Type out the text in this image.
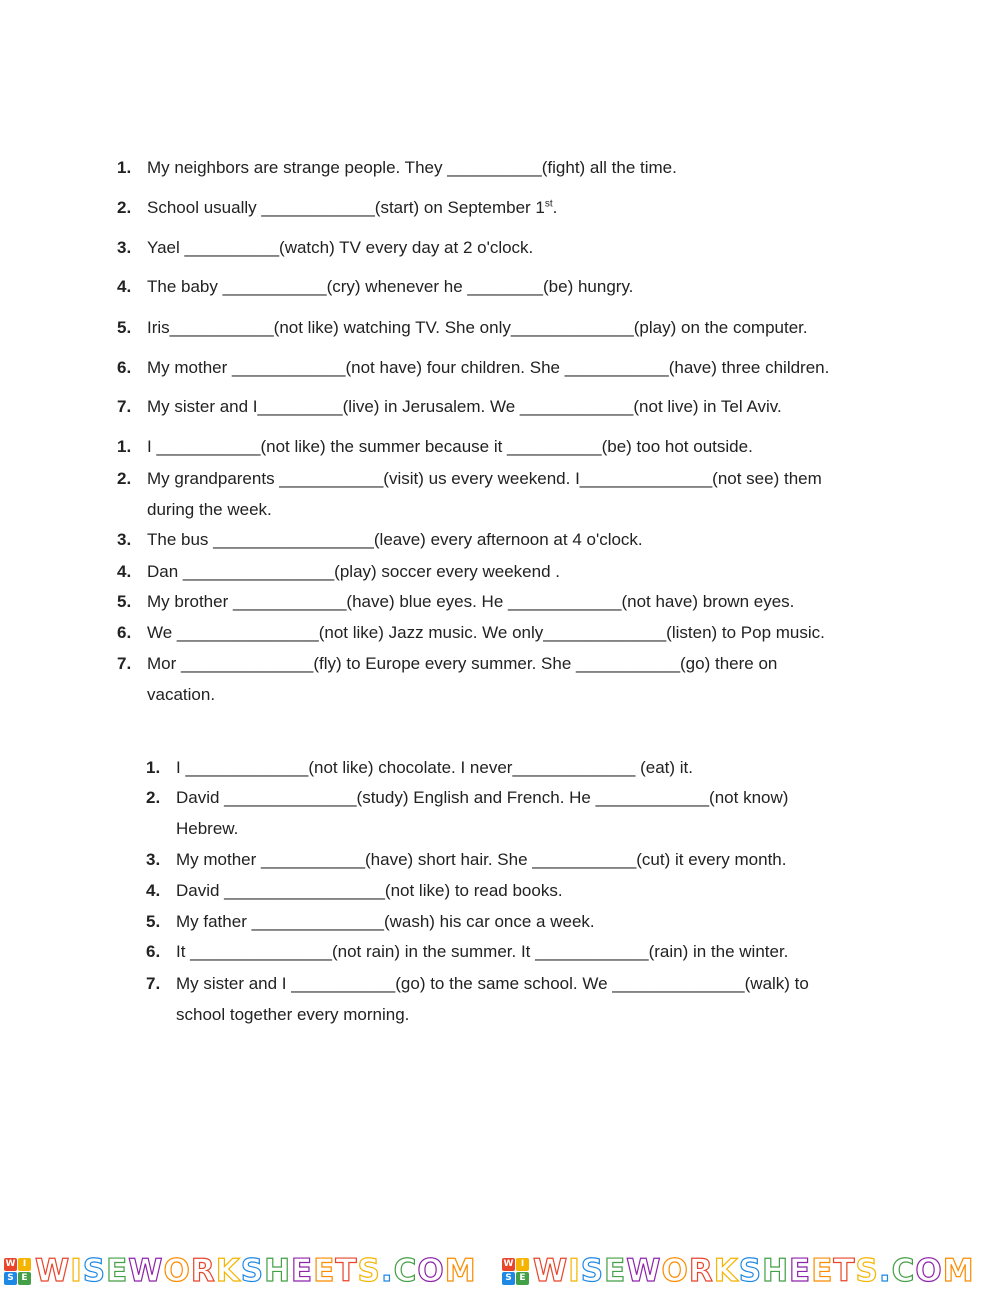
1. My neighbors are strange people. They __________(fight) all the time.
2. School usually ____________(start) on September 1st.
3. Yael __________(watch) TV every day at 2 o'clock.
4. The baby ___________(cry) whenever he ________(be) hungry.
5. Iris___________(not like) watching TV. She only_____________(play) on the computer.
6. My mother ____________(not have) four children. She ___________(have) three children.
7. My sister and I_________(live) in Jerusalem. We ____________(not live) in Tel Aviv.
1. I ___________(not like) the summer because it __________(be) too hot outside.
2. My grandparents ___________(visit) us every weekend. I______________(not see) them
during the week.
3. The bus _________________(leave) every afternoon at 4 o'clock.
4. Dan ________________(play) soccer every weekend .
5. My brother ____________(have) blue eyes. He ____________(not have) brown eyes.
6. We _______________(not like) Jazz music. We only_____________(listen) to Pop music.
7. Mor ______________(fly) to Europe every summer. She ___________(go) there on
vacation.
1. I _____________(not like) chocolate. I never_____________ (eat) it.
2. David ______________(study) English and French. He ____________(not know)
Hebrew.
3. My mother ___________(have) short hair. She ___________(cut) it every month.
4. David _________________(not like) to read books.
5. My father ______________(wash) his car once a week.
6. It _______________(not rain) in the summer. It ____________(rain) in the winter.
7. My sister and I ___________(go) to the same school. We ______________(walk) to
school together every morning.
W I
S E WISEWORKSHEETS.COM	W I
S E WISEWORKSHEETS.COM
